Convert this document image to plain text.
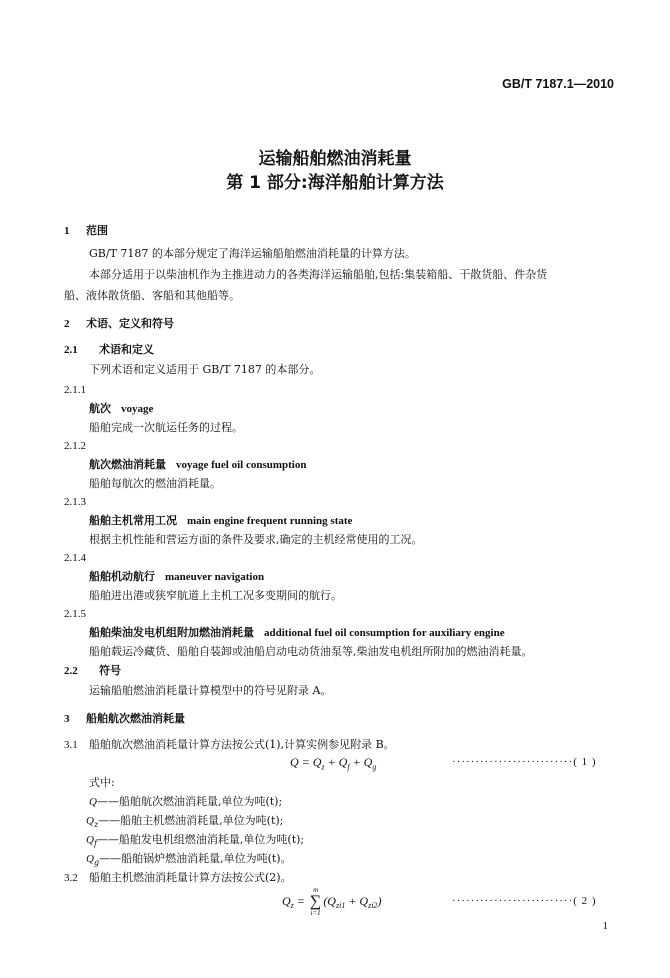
GB/T 7187.1—2010
运输船舶燃油消耗量
第 1 部分:海洋船舶计算方法
1 范围
GB/T 7187 的本部分规定了海洋运输船舶燃油消耗量的计算方法。
本部分适用于以柴油机作为主推进动力的各类海洋运输船舶,包括:集装箱船、干散货船、件杂货
船、液体散货船、客船和其他船等。
2 术语、定义和符号
2.1 术语和定义
下列术语和定义适用于 GB/T 7187 的本部分。
2.1.1
航次 voyage
船舶完成一次航运任务的过程。
2.1.2
航次燃油消耗量 voyage fuel oil consumption
船舶每航次的燃油消耗量。
2.1.3
船舶主机常用工况 main engine frequent running state
根据主机性能和营运方面的条件及要求,确定的主机经常使用的工况。
2.1.4
船舶机动航行 maneuver navigation
船舶进出港或狭窄航道上主机工况多变期间的航行。
2.1.5
船舶柴油发电机组附加燃油消耗量 additional fuel oil consumption for auxiliary engine
船舶载运冷藏货、船舶自装卸或油船启动电动货油泵等,柴油发电机组所附加的燃油消耗量。
2.2 符号
运输船舶燃油消耗量计算模型中的符号见附录 A。
3 船舶航次燃油消耗量
3.1 船舶航次燃油消耗量计算方法按公式(1),计算实例参见附录 B。
$Q = Q_z + Q_f + Q_g$	··························( 1 )
式中:
Q——船舶航次燃油消耗量,单位为吨(t);
$Q_z——$船舶主机燃油消耗量,单位为吨(t);
$Q_f——$船舶发电机组燃油消耗量,单位为吨(t);
$Q_g——$船舶锅炉燃油消耗量,单位为吨(t)。
3.2 船舶主机燃油消耗量计算方法按公式(2)。
$Q_z$ =
m
∑
i=1
$(Q_{zi1} + Q_{zi2})$	··························( 2 )
1
